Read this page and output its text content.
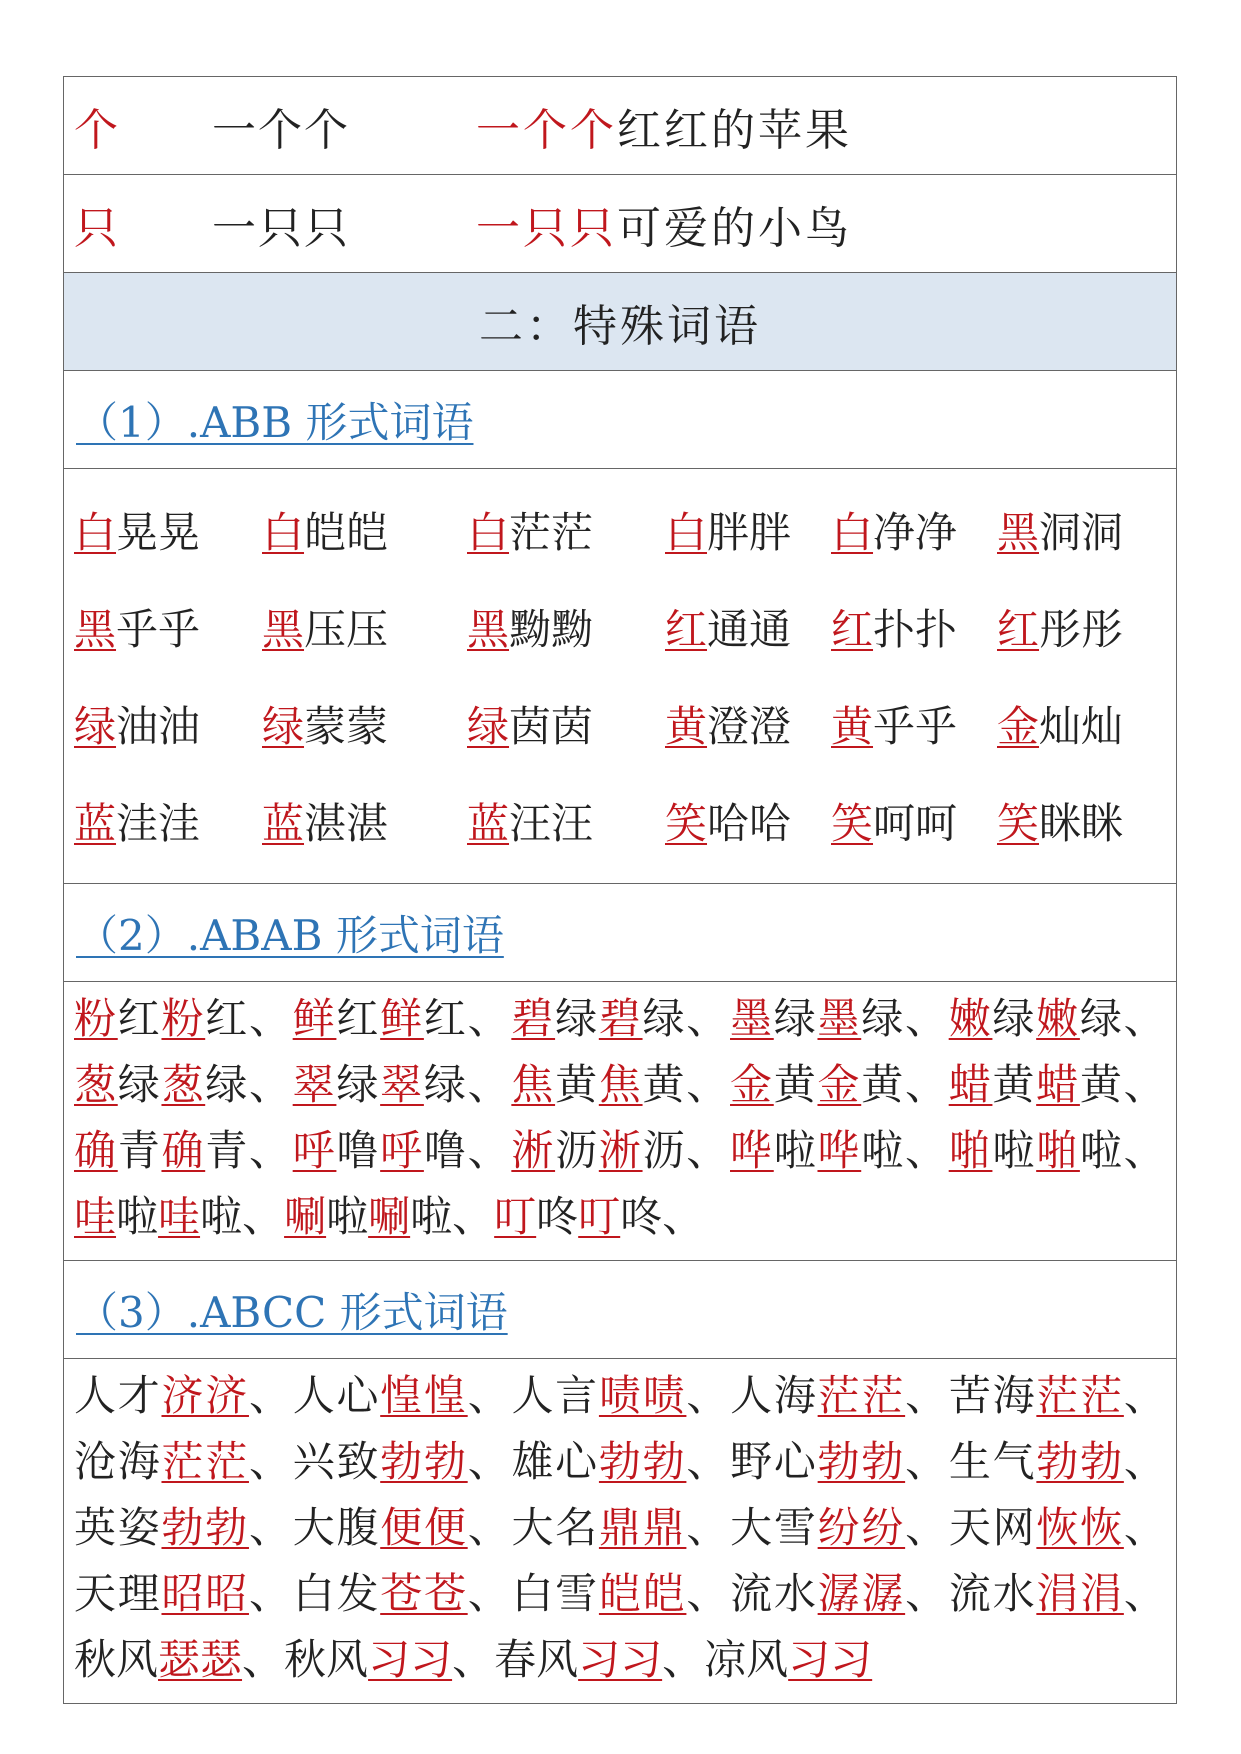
个	一个个	一个个红红的苹果
只	一只只	一只只可爱的小鸟
二：特殊词语
（1）.ABB 形式词语
白晃晃	白皑皑	白茫茫	白胖胖 白净净 黑洞洞
黑乎乎	黑压压	黑黝黝	红通通 红扑扑 红彤彤
绿油油	绿蒙蒙	绿茵茵	黄澄澄 黄乎乎 金灿灿
蓝洼洼	蓝湛湛	蓝汪汪	笑哈哈 笑呵呵 笑眯眯
（2）.ABAB 形式词语
粉红粉红、鲜红鲜红、碧绿碧绿、墨绿墨绿、嫩绿嫩绿、葱绿葱绿、翠绿翠绿、焦黄焦黄、金黄金黄、蜡黄蜡黄、确青确青、呼噜呼噜、淅沥淅沥、哗啦哗啦、啪啦啪啦、哇啦哇啦、唰啦唰啦、叮咚叮咚、
（3）.ABCC 形式词语
人才济济、人心惶惶、人言啧啧、人海茫茫、苦海茫茫、沧海茫茫、兴致勃勃、雄心勃勃、野心勃勃、生气勃勃、英姿勃勃、大腹便便、大名鼎鼎、大雪纷纷、天网恢恢、天理昭昭、白发苍苍、白雪皑皑、流水潺潺、流水涓涓、秋风瑟瑟、秋风习习、春风习习、凉风习习
